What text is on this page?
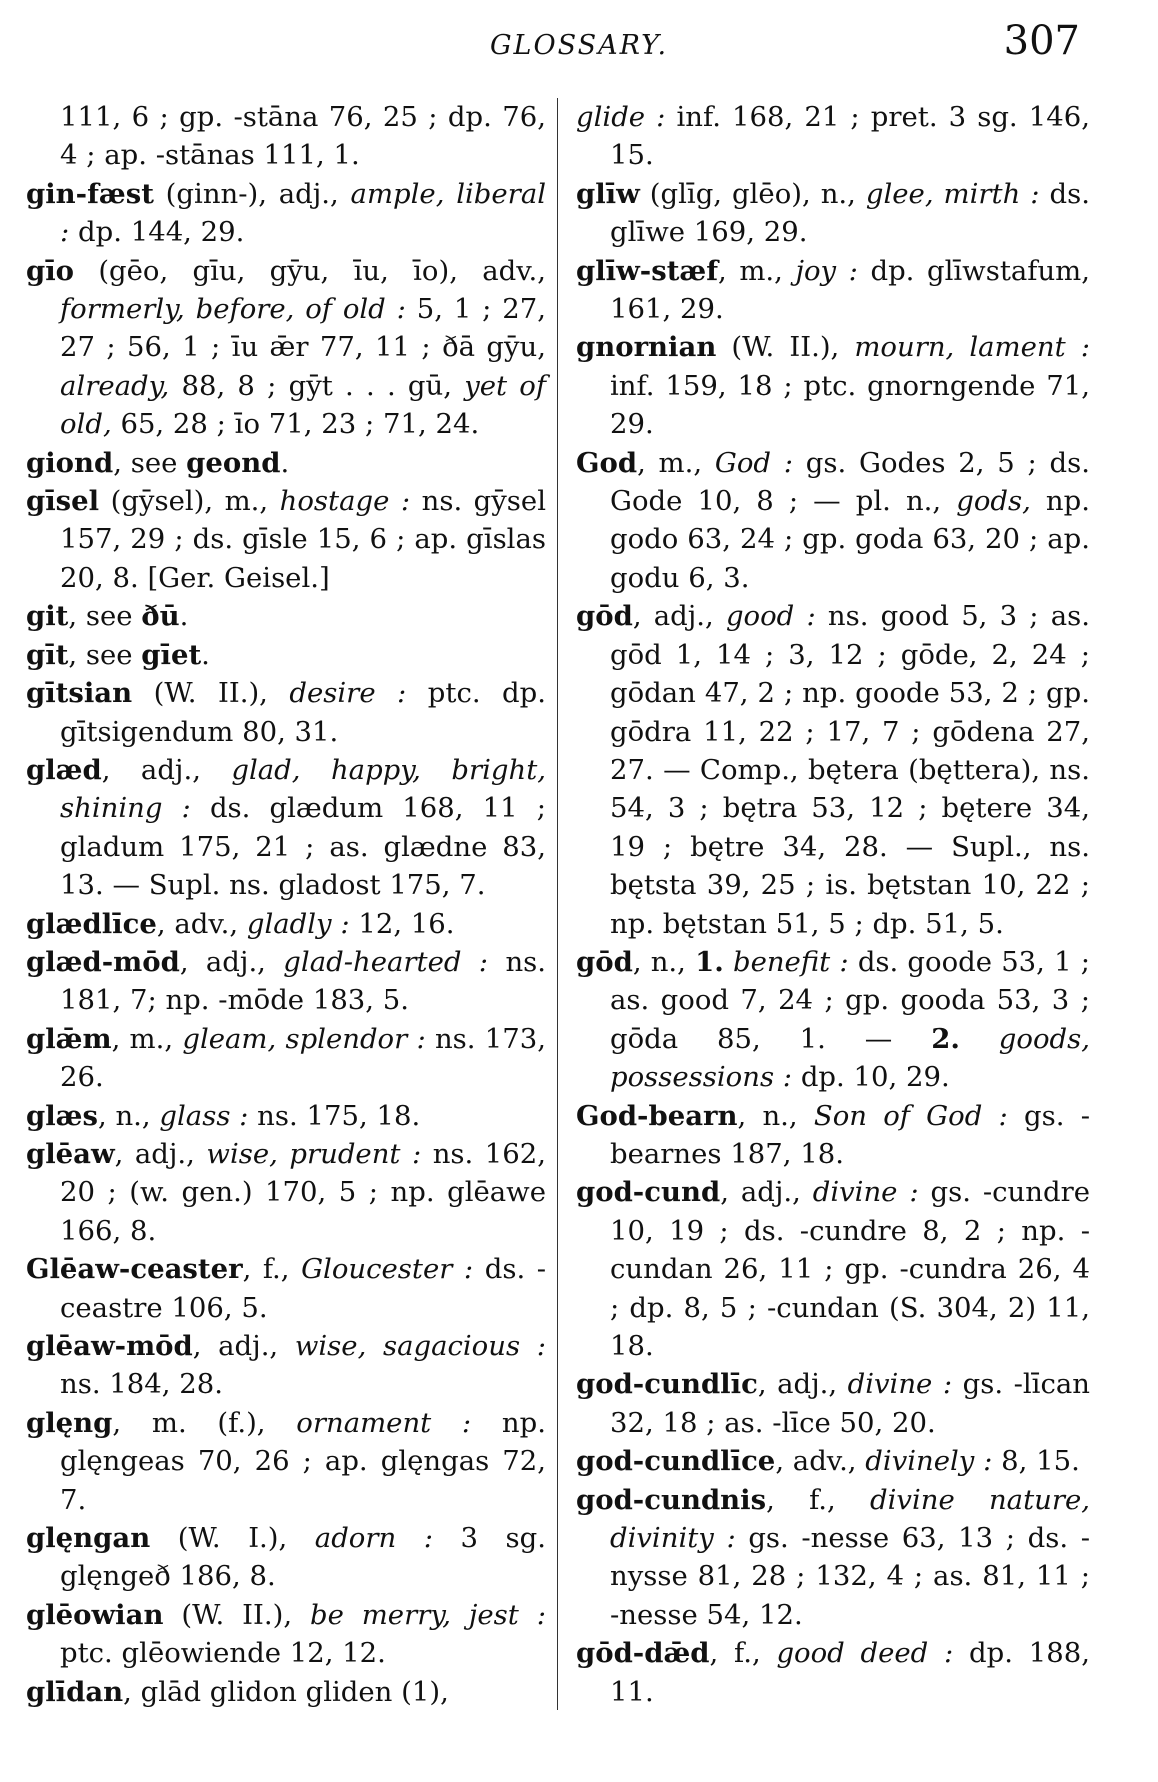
GLOSSARY.	307

111, 6 ; gp. -stāna 76, 25 ; dp. 76, 4 ; ap. -stānas 111, 1.

gin-fæst (ginn-), adj., ample, liberal : dp. 144, 29.

gīo (gēo, gīu, gȳu, īu, īo), adv., formerly, before, of old : 5, 1 ; 27, 27 ; 56, 1 ; īu ǣr 77, 11 ; ðā gȳu, already, 88, 8 ; gȳt . . . gū, yet of old, 65, 28 ; īo 71, 23 ; 71, 24.

giond, see geond.

gīsel (gȳsel), m., hostage : ns. gȳsel 157, 29 ; ds. gīsle 15, 6 ; ap. gīslas 20, 8. [Ger. Geisel.]

git, see ðū.

gīt, see gīet.

gītsian (W. II.), desire : ptc. dp. gītsigendum 80, 31.

glæd, adj., glad, happy, bright, shining : ds. glædum 168, 11 ; gladum 175, 21 ; as. glædne 83, 13. — Supl. ns. gladost 175, 7.

glædlīce, adv., gladly : 12, 16.

glæd-mōd, adj., glad-hearted : ns. 181, 7; np. -mōde 183, 5.

glǣm, m., gleam, splendor : ns. 173, 26.

glæs, n., glass : ns. 175, 18.

glēaw, adj., wise, prudent : ns. 162, 20 ; (w. gen.) 170, 5 ; np. glēawe 166, 8.

Glēaw-ceaster, f., Gloucester : ds. -ceastre 106, 5.

glēaw-mōd, adj., wise, sagacious : ns. 184, 28.

glęng, m. (f.), ornament : np. glęngeas 70, 26 ; ap. glęngas 72, 7.

glęngan (W. I.), adorn : 3 sg. glęngeð 186, 8.

glēowian (W. II.), be merry, jest : ptc. glēowiende 12, 12.

glīdan, glād glidon gliden (1),

glide : inf. 168, 21 ; pret. 3 sg. 146, 15.

glīw (glīg, glēo), n., glee, mirth : ds. glīwe 169, 29.

glīw-stæf, m., joy : dp. glīwstafum, 161, 29.

gnornian (W. II.), mourn, lament : inf. 159, 18 ; ptc. gnorngende 71, 29.

God, m., God : gs. Godes 2, 5 ; ds. Gode 10, 8 ; — pl. n., gods, np. godo 63, 24 ; gp. goda 63, 20 ; ap. godu 6, 3.

gōd, adj., good : ns. good 5, 3 ; as. gōd 1, 14 ; 3, 12 ; gōde, 2, 24 ; gōdan 47, 2 ; np. goode 53, 2 ; gp. gōdra 11, 22 ; 17, 7 ; gōdena 27, 27. — Comp., bętera (bęttera), ns. 54, 3 ; bętra 53, 12 ; bętere 34, 19 ; bętre 34, 28. — Supl., ns. bętsta 39, 25 ; is. bętstan 10, 22 ; np. bętstan 51, 5 ; dp. 51, 5.

gōd, n., 1. benefit : ds. goode 53, 1 ; as. good 7, 24 ; gp. gooda 53, 3 ; gōda 85, 1. — 2. goods, possessions : dp. 10, 29.

God-bearn, n., Son of God : gs. -bearnes 187, 18.

god-cund, adj., divine : gs. -cundre 10, 19 ; ds. -cundre 8, 2 ; np. -cundan 26, 11 ; gp. -cundra 26, 4 ; dp. 8, 5 ; -cundan (S. 304, 2) 11, 18.

god-cundlīc, adj., divine : gs. -līcan 32, 18 ; as. -līce 50, 20.

god-cundlīce, adv., divinely : 8, 15.

god-cundnis, f., divine nature, divinity : gs. -nesse 63, 13 ; ds. -nysse 81, 28 ; 132, 4 ; as. 81, 11 ; -nesse 54, 12.

gōd-dǣd, f., good deed : dp. 188, 11.
